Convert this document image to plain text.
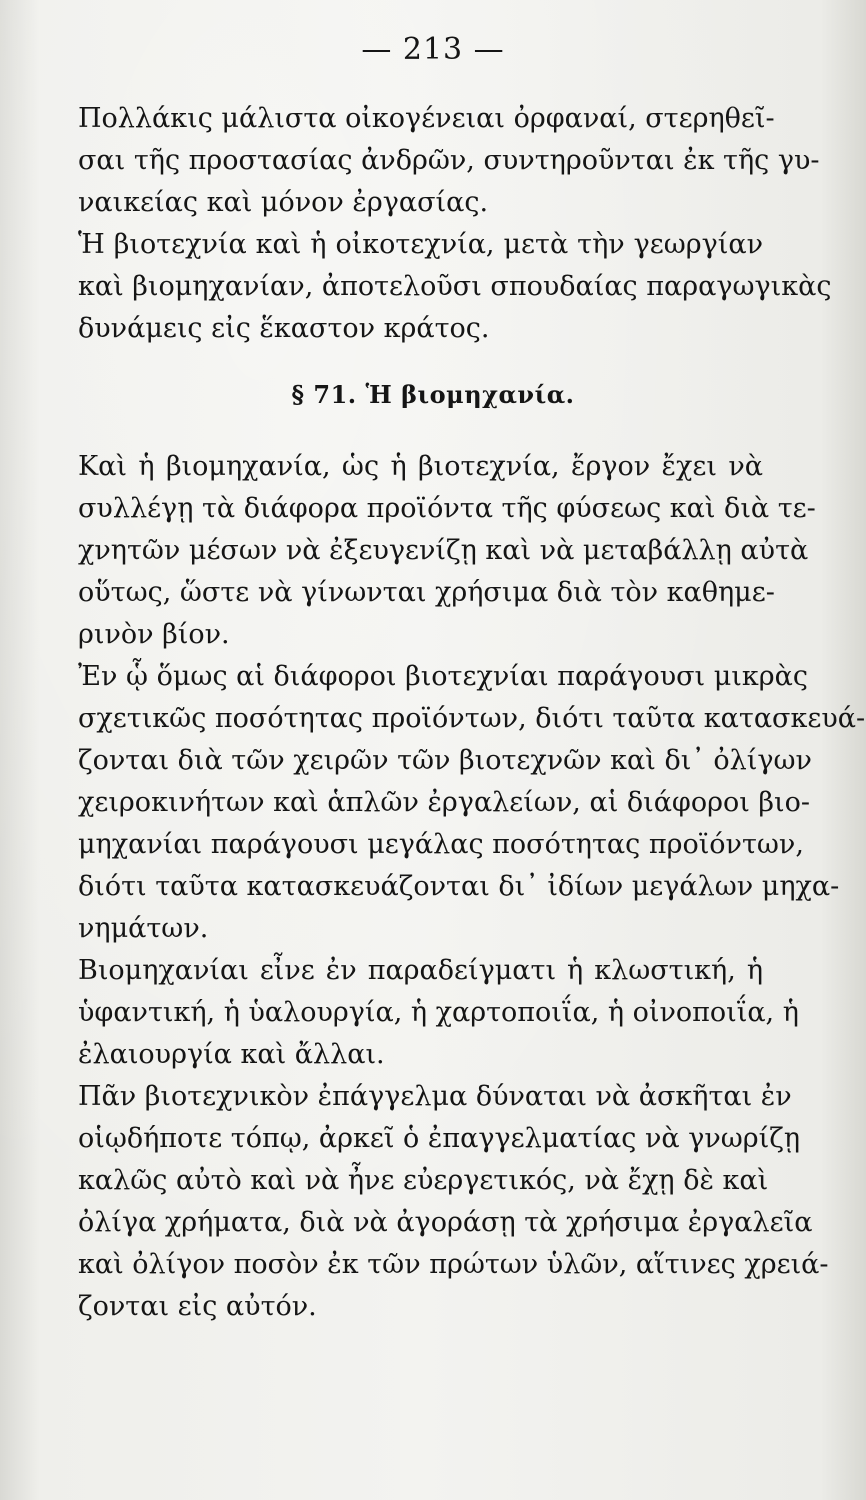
— 213 —
Πολλάκις μάλιστα οἰκογένειαι ὀρφαναί, στερηθεῖ-
σαι τῆς προστασίας ἀνδρῶν, συντηροῦνται ἐκ τῆς γυ-
ναικείας καὶ μόνον ἐργασίας.
Ἡ βιοτεχνία καὶ ἡ οἰκοτεχνία, μετὰ τὴν γεωργίαν
καὶ βιομηχανίαν, ἀποτελοῦσι σπουδαίας παραγωγικὰς
δυνάμεις εἰς ἕκαστον κράτος.
§ 71. Ἡ βιομηχανία.
Καὶ ἡ βιομηχανία, ὡς ἡ βιοτεχνία, ἔργον ἔχει νὰ
συλλέγῃ τὰ διάφορα προϊόντα τῆς φύσεως καὶ διὰ τε-
χνητῶν μέσων νὰ ἐξευγενίζῃ καὶ νὰ μεταβάλλῃ αὐτὰ
οὕτως, ὥστε νὰ γίνωνται χρήσιμα διὰ τὸν καθημε-
ρινὸν βίον.
Ἐν ᾧ ὅμως αἱ διάφοροι βιοτεχνίαι παράγουσι μικρὰς
σχετικῶς ποσότητας προϊόντων, διότι ταῦτα κατασκευά-
ζονται διὰ τῶν χειρῶν τῶν βιοτεχνῶν καὶ δι᾽ ὀλίγων
χειροκινήτων καὶ ἁπλῶν ἐργαλείων, αἱ διάφοροι βιο-
μηχανίαι παράγουσι μεγάλας ποσότητας προϊόντων,
διότι ταῦτα κατασκευάζονται δι᾽ ἰδίων μεγάλων μηχα-
νημάτων.
Βιομηχανίαι εἶνε ἐν παραδείγματι ἡ κλωστική, ἡ
ὑφαντική, ἡ ὑαλουργία, ἡ χαρτοποιΐα, ἡ οἰνοποιΐα, ἡ
ἐλαιουργία καὶ ἄλλαι.
Πᾶν βιοτεχνικὸν ἐπάγγελμα δύναται νὰ ἀσκῆται ἐν
οἱῳδήποτε τόπῳ, ἀρκεῖ ὁ ἐπαγγελματίας νὰ γνωρίζῃ
καλῶς αὐτὸ καὶ νὰ ἦνε εὐεργετικός, νὰ ἔχῃ δὲ καὶ
ὀλίγα χρήματα, διὰ νὰ ἀγοράσῃ τὰ χρήσιμα ἐργαλεῖα
καὶ ὀλίγον ποσὸν ἐκ τῶν πρώτων ὑλῶν, αἵτινες χρειά-
ζονται εἰς αὐτόν.
